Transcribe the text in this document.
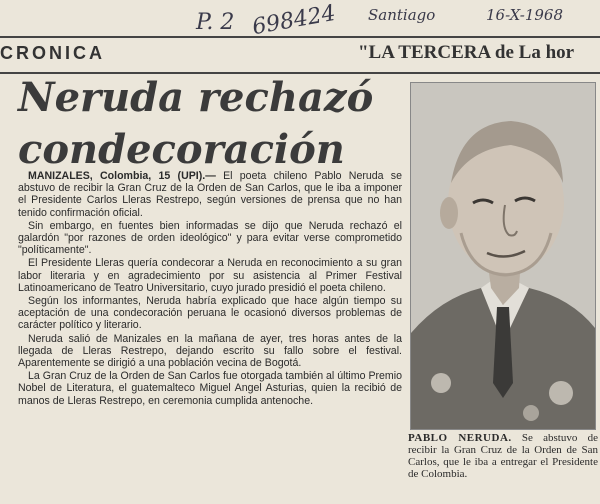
P. 2 698424 Santiago	16-X-1968
CRONICA	"LA TERCERA de La hor
Neruda rechazó
condecoración

MANIZALES, Colombia, 15 (UPI).— El poeta chileno Pablo Neruda se abstuvo de recibir la Gran Cruz de la Orden de San Carlos, que le iba a imponer el Presidente Carlos Lleras Restrepo, según versiones de prensa que no han tenido confirmación oficial.

Sin embargo, en fuentes bien informadas se dijo que Neruda rechazó el galardón "por razones de orden ideológico" y para evitar verse comprometido "políticamente".

El Presidente Lleras quería condecorar a Neruda en reconocimiento a su gran labor literaria y en agradecimiento por su asistencia al Primer Festival Latinoamericano de Teatro Universitario, cuyo jurado presidió el poeta chileno.

Según los informantes, Neruda habría explicado que hace algún tiempo su aceptación de una condecoración peruana le ocasionó diversos problemas de carácter político y literario.

Neruda salió de Manizales en la mañana de ayer, tres horas antes de la llegada de Lleras Restrepo, dejando escrito su fallo sobre el festival. Aparentemente se dirigió a una población vecina de Bogotá.

La Gran Cruz de la Orden de San Carlos fue otorgada también al último Premio Nobel de Literatura, el guatemalteco Miguel Angel Asturias, quien la recibió de manos de Lleras Restrepo, en ceremonia cumplida antenoche.

PABLO NERUDA. Se abstuvo de recibir la Gran Cruz de la Orden de San Carlos, que le iba a entregar el Presidente de Colombia.
